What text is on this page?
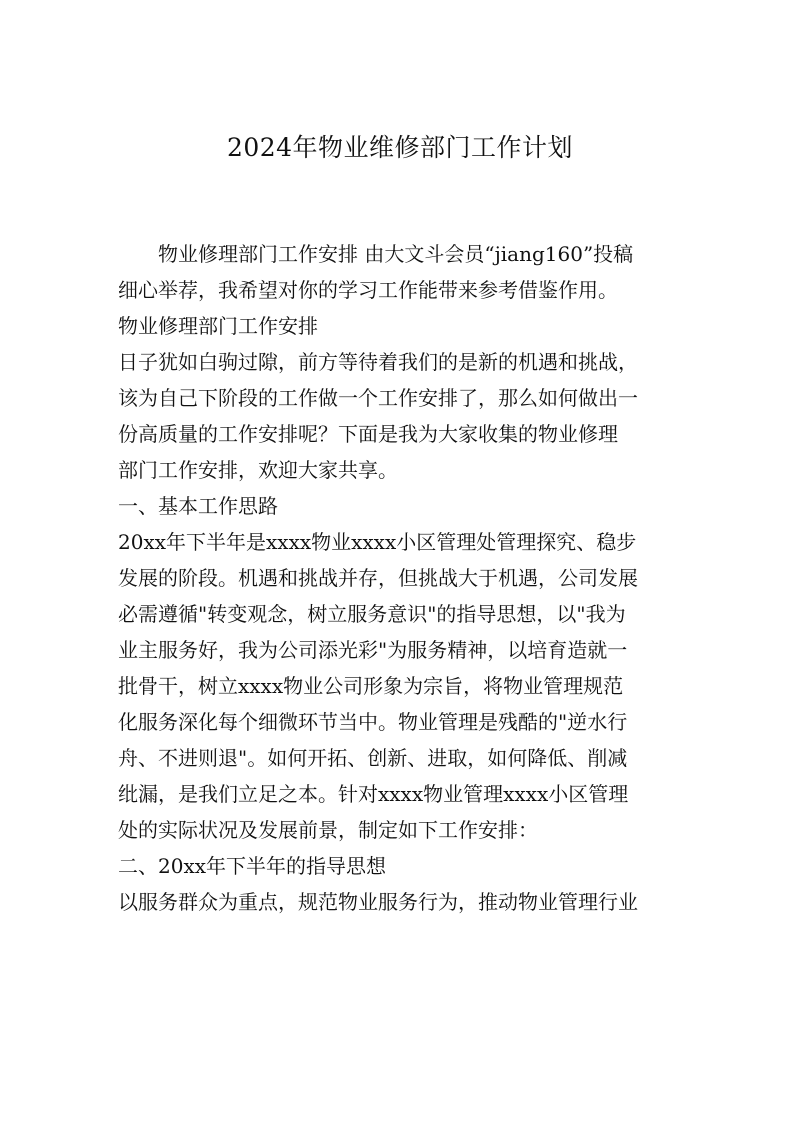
2024年物业维修部门工作计划
物业修理部门工作安排 由大文斗会员“jiang160”投稿
细心举荐，我希望对你的学习工作能带来参考借鉴作用。
物业修理部门工作安排
日子犹如白驹过隙，前方等待着我们的是新的机遇和挑战，
该为自己下阶段的工作做一个工作安排了，那么如何做出一
份高质量的工作安排呢？下面是我为大家收集的物业修理
部门工作安排，欢迎大家共享。
一、基本工作思路
20xx年下半年是xxxx物业xxxx小区管理处管理探究、稳步
发展的阶段。机遇和挑战并存，但挑战大于机遇，公司发展
必需遵循"转变观念，树立服务意识"的指导思想，以"我为
业主服务好，我为公司添光彩"为服务精神，以培育造就一
批骨干，树立xxxx物业公司形象为宗旨，将物业管理规范
化服务深化每个细微环节当中。物业管理是残酷的"逆水行
舟、不进则退"。如何开拓、创新、进取，如何降低、削减
纰漏，是我们立足之本。针对xxxx物业管理xxxx小区管理
处的实际状况及发展前景，制定如下工作安排：
二、20xx年下半年的指导思想
以服务群众为重点，规范物业服务行为，推动物业管理行业
